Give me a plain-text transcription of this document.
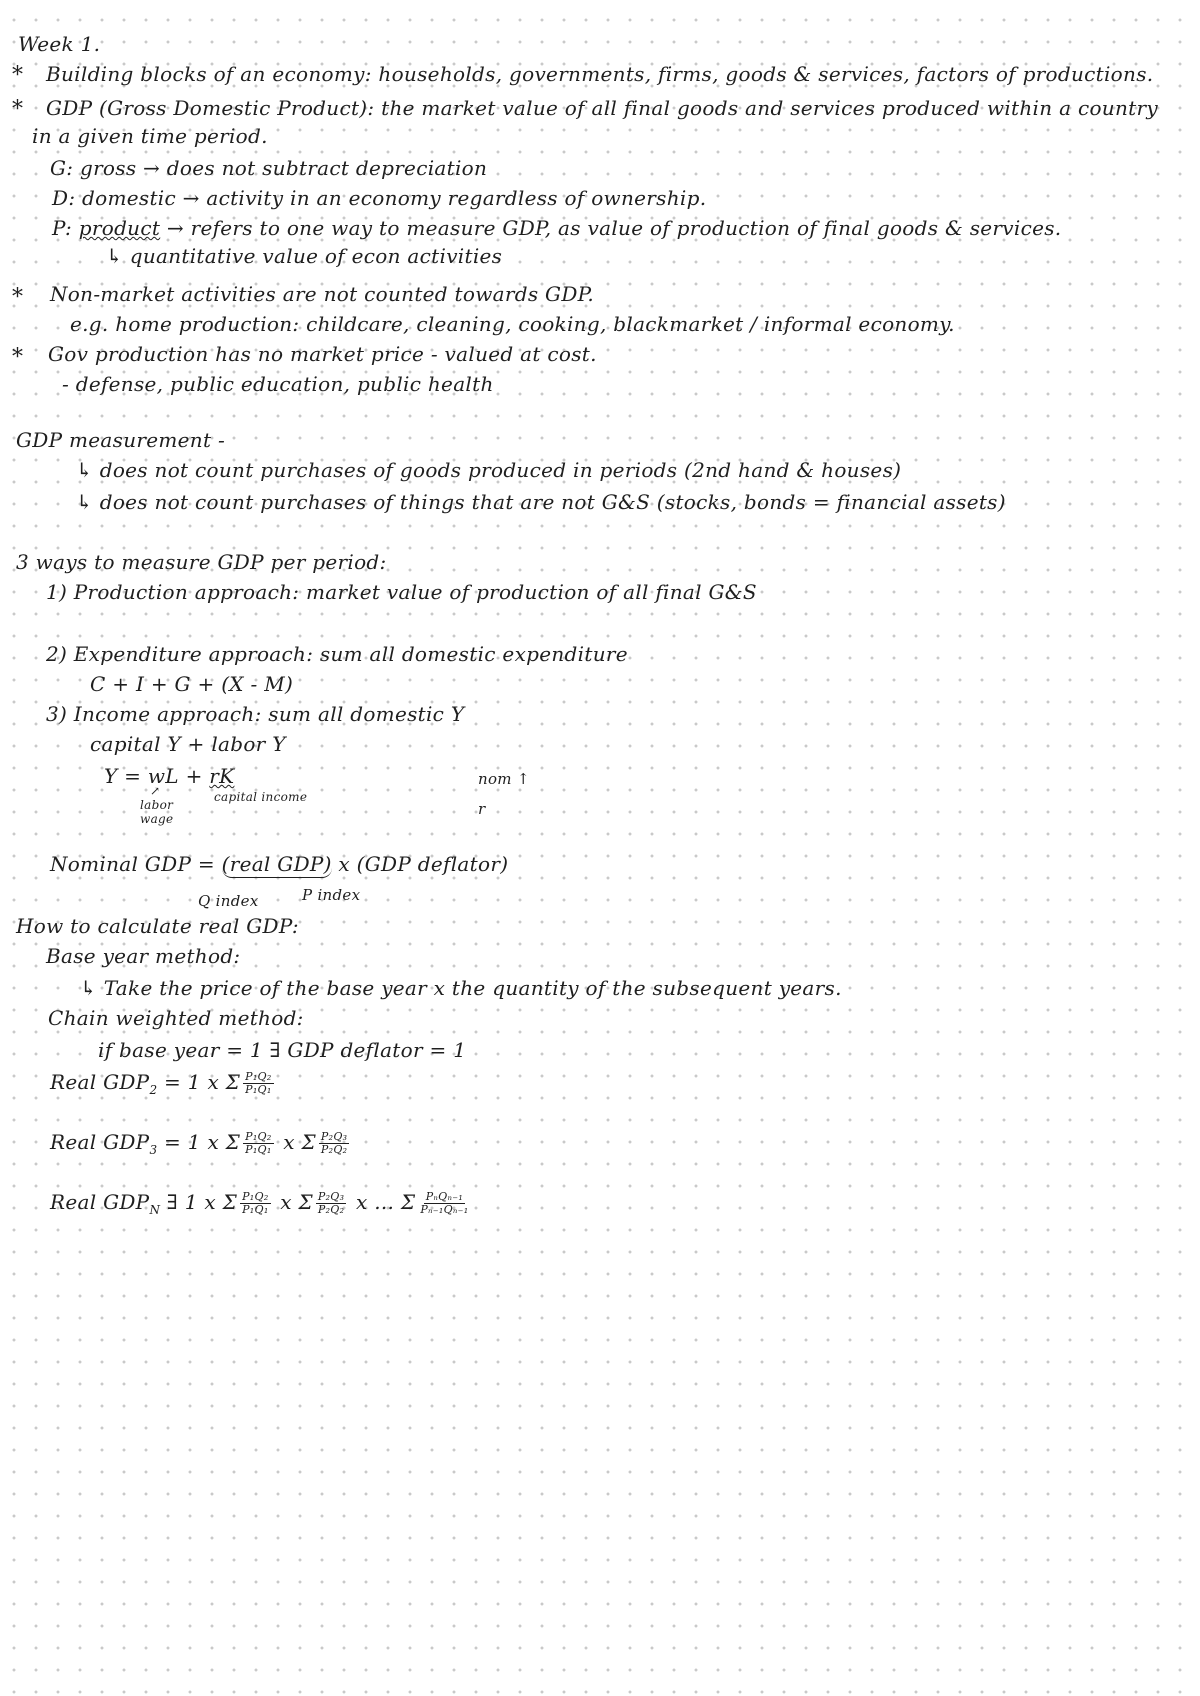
Week 1.
* Building blocks of an economy: households, governments, firms, goods & services, factors of productions.
* GDP (Gross Domestic Product): the market value of all final goods and services produced within a country
in a given time period.
G: gross → does not subtract depreciation
D: domestic → activity in an economy regardless of ownership.
P: product → refers to one way to measure GDP, as value of production of final goods & services.
↳ quantitative value of econ activities
* Non-market activities are not counted towards GDP.
e.g. home production: childcare, cleaning, cooking, blackmarket / informal economy.
* Gov production has no market price - valued at cost.
- defense, public education, public health
GDP measurement -
↳ does not count purchases of goods produced in periods (2nd hand & houses)
↳ does not count purchases of things that are not G&S (stocks, bonds = financial assets)
3 ways to measure GDP per period:
1) Production approach: market value of production of all final G&S
2) Expenditure approach: sum all domestic expenditure
C + I + G + (X - M)
3) Income approach: sum all domestic Y
capital Y + labor Y
Y = wL + rK
↗
labor
wage
capital income
nom ↑
r
Nominal GDP = (real GDP) x (GDP deflator)
Q index	P index
How to calculate real GDP:
Base year method:
↳ Take the price of the base year x the quantity of the subsequent years.
Chain weighted method:
if base year = 1 ∃ GDP deflator = 1
Real $GDP_2 = 1$ x Σ $\frac{\text{P₁Q₂}}{\text{P₁Q₁}}$
Real $GDP_3 = 1$ x Σ $\frac{\text{P₁Q₂}}{\text{P₁Q₁}}$ x Σ $\frac{\text{P₂Q₃}}{\text{P₂Q₂}}$
Real $GDP_N$ ∃ 1 x Σ $\frac{\text{P₁Q₂}}{\text{P₁Q₁}}$ x Σ $\frac{\text{P₂Q₃}}{\text{P₂Q₂}}$ x ... Σ $\frac{\text{PₙQₙ₋₁}}{\text{Pₙ₋₁Qₙ₋₁}}$
